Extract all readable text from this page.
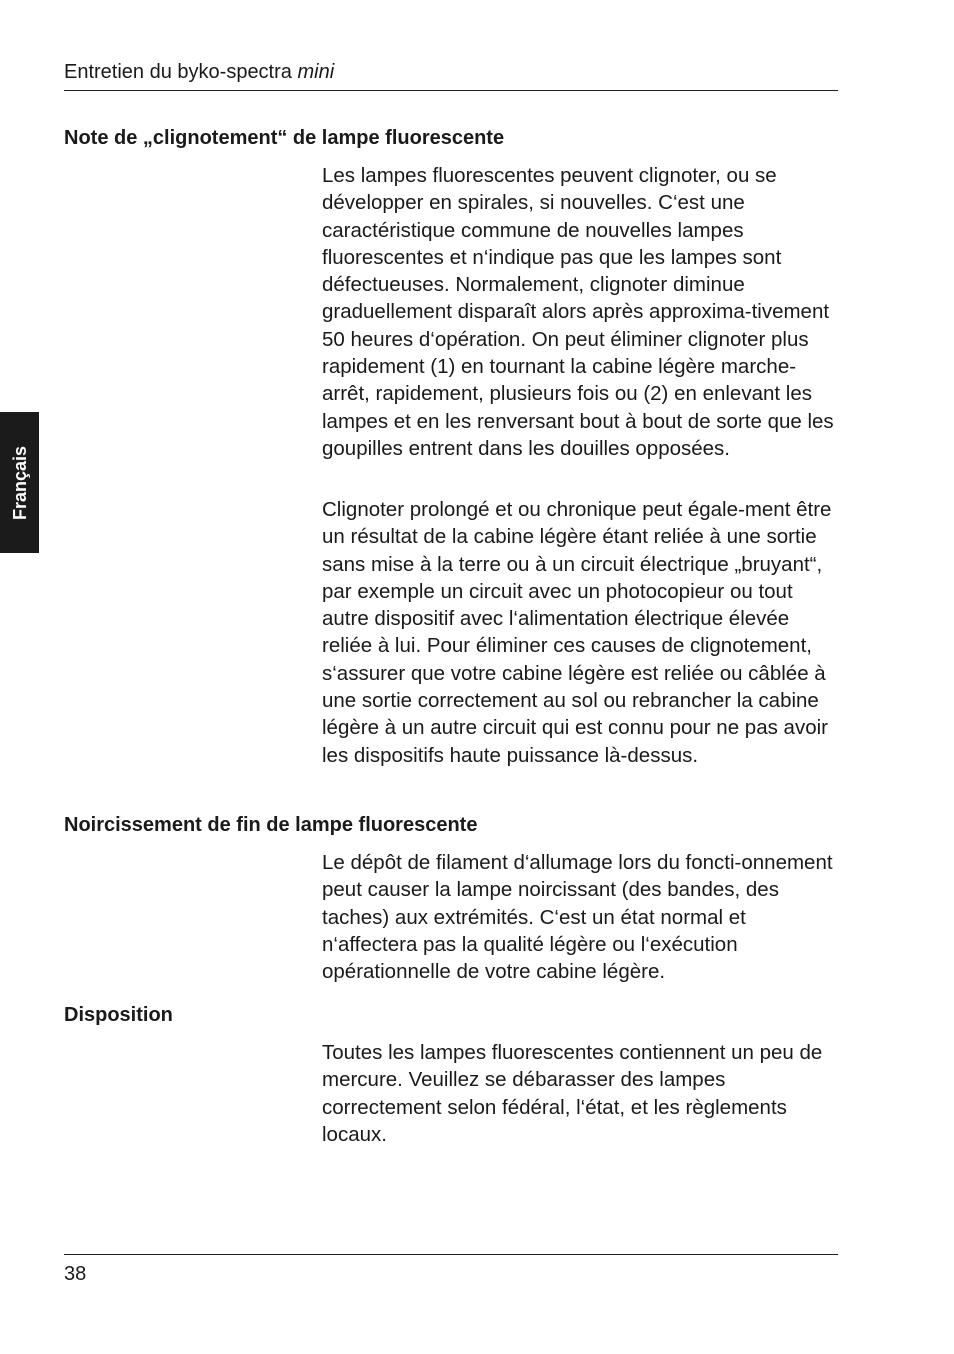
Entretien du byko-spectra mini
Français
Note de „clignotement“ de lampe fluorescente

Les lampes fluorescentes peuvent clignoter, ou se développer en spirales, si nouvelles. C‘est une caractéristique commune de nouvelles lampes fluorescentes et n‘indique pas que les lampes sont défectueuses. Normalement, clignoter diminue graduellement disparaît alors après approxima-tivement 50 heures d‘opération. On peut éliminer clignoter plus rapidement (1) en tournant la cabine légère marche-arrêt, rapidement, plusieurs fois ou (2) en enlevant les lampes et en les renversant bout à bout de sorte que les goupilles entrent dans les douilles opposées.

Clignoter prolongé et ou chronique peut égale-ment être un résultat de la cabine légère étant reliée à une sortie sans mise à la terre ou à un circuit électrique „bruyant“, par exemple un circuit avec un photocopieur ou tout autre dispositif avec l‘alimentation électrique élevée reliée à lui. Pour éliminer ces causes de clignotement, s‘assurer que votre cabine légère est reliée ou câblée à une sortie correctement au sol ou rebrancher la cabine légère à un autre circuit qui est connu pour ne pas avoir les dispositifs haute puissance là-dessus.

Noircissement de fin de lampe fluorescente

Le dépôt de filament d‘allumage lors du foncti-onnement peut causer la lampe noircissant (des bandes, des taches) aux extrémités. C‘est un état normal et n‘affectera pas la qualité légère ou l‘exécution opérationnelle de votre cabine légère.

Disposition

Toutes les lampes fluorescentes contiennent un peu de mercure. Veuillez se débarasser des lampes correctement selon fédéral, l‘état, et les règlements locaux.

38
